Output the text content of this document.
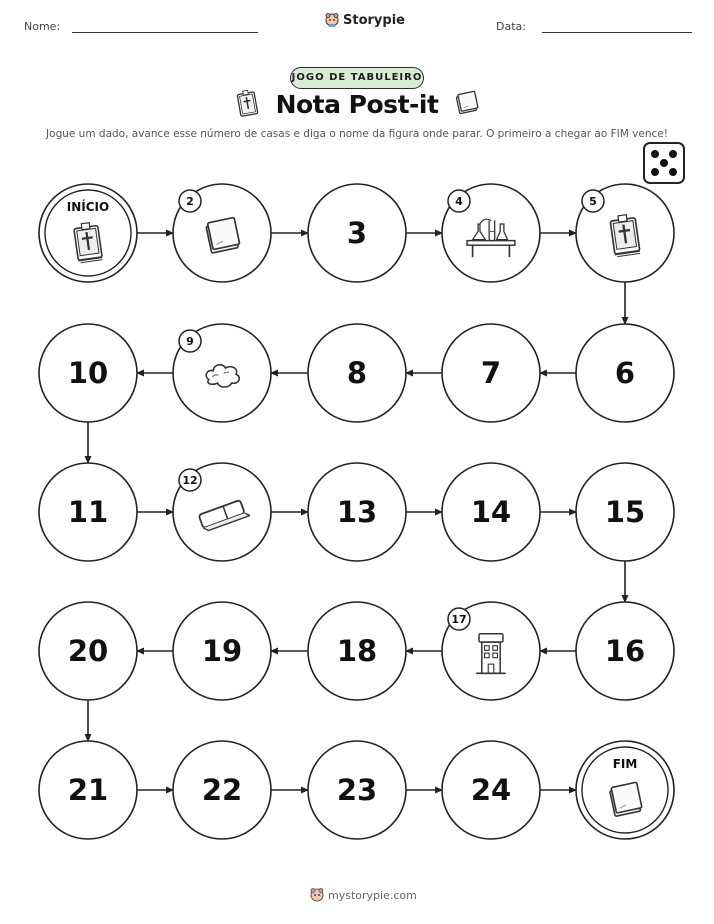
Nome:	Storypie	Data:
JOGO DE TABULEIRO
Nota Post-it
Jogue um dado, avance esse número de casas e diga o nome da figura onde parar. O primeiro a chegar ao FIM vence!
INÍCIO	2
3
4	5
6
7
8
9
10
11
12
13	14	15
16
17
18
19
20
21	22	23	24
FIM
mystorypie.com
